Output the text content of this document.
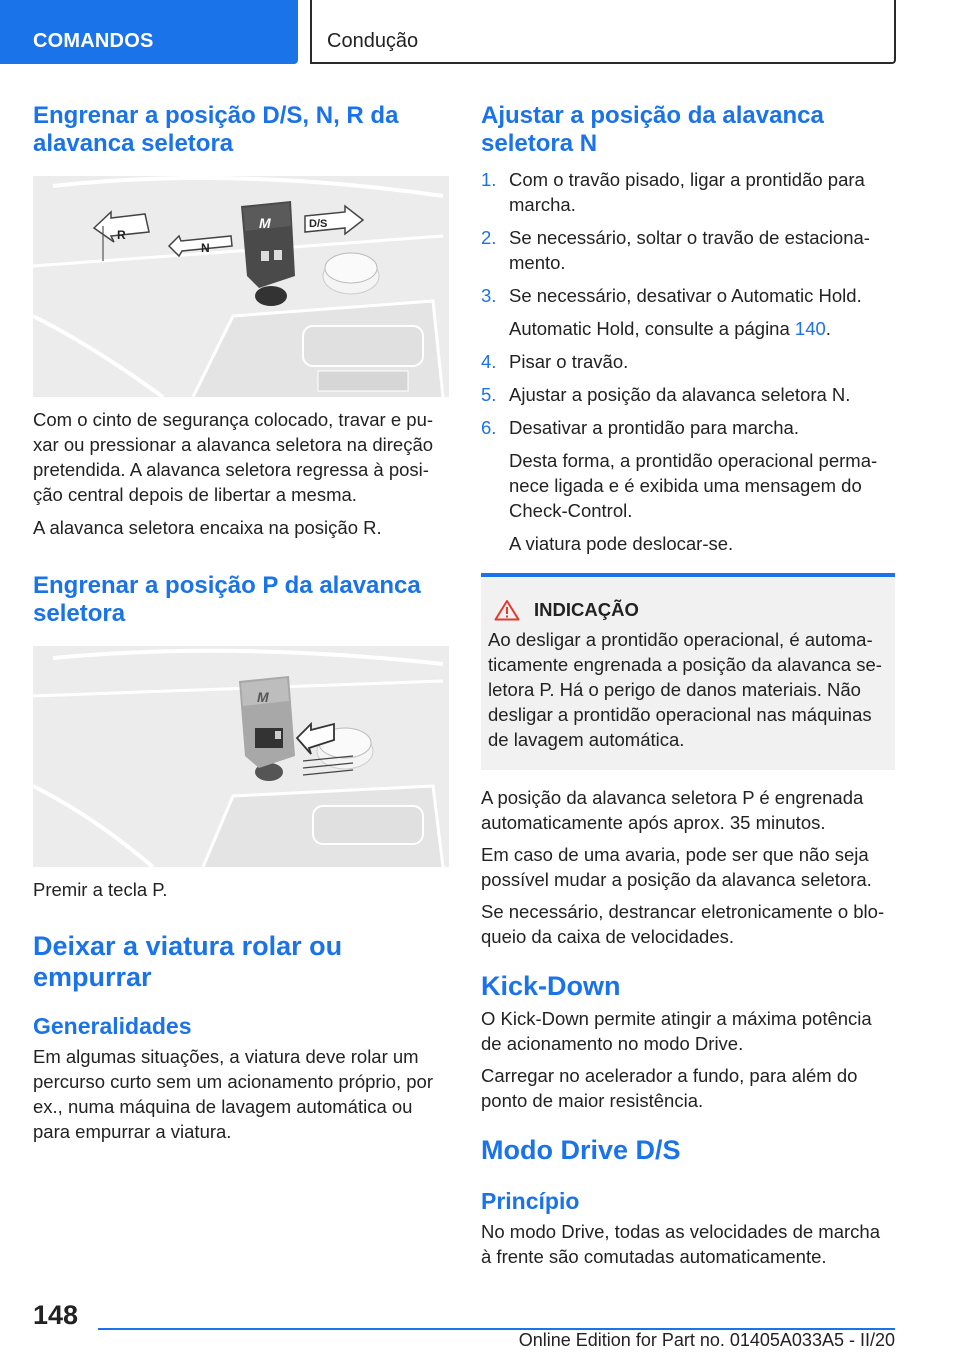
COMANDOS	Condução
Engrenar a posição D/S, N, R da alavanca seletora
M
R
N
D/S

Com o cinto de segurança colocado, travar e puxar ou pressionar a alavanca seletora na direção pretendida. A alavanca seletora regressa à posição central depois de libertar a mesma.

A alavanca seletora encaixa na posição R.

Engrenar a posição P da alavanca seletora
M

Premir a tecla P.

Deixar a viatura rolar ou empurrar
Generalidades

Em algumas situações, a viatura deve rolar um percurso curto sem um acionamento próprio, por ex., numa máquina de lavagem automática ou para empurrar a viatura.

Ajustar a posição da alavanca seletora N
1. Com o travão pisado, ligar a prontidão para marcha.
2. Se necessário, soltar o travão de estacionamento.
3. Se necessário, desativar o Automatic Hold.
Automatic Hold, consulte a página 140.
4. Pisar o travão.
5. Ajustar a posição da alavanca seletora N.
6. Desativar a prontidão para marcha.
Desta forma, a prontidão operacional permanece ligada e é exibida uma mensagem do Check-Control.
A viatura pode deslocar-se.
INDICAÇÃO

Ao desligar a prontidão operacional, é automaticamente engrenada a posição da alavanca seletora P. Há o perigo de danos materiais. Não desligar a prontidão operacional nas máquinas de lavagem automática.

A posição da alavanca seletora P é engrenada automaticamente após aprox. 35 minutos.

Em caso de uma avaria, pode ser que não seja possível mudar a posição da alavanca seletora.

Se necessário, destrancar eletronicamente o bloqueio da caixa de velocidades.

Kick-Down

O Kick-Down permite atingir a máxima potência de acionamento no modo Drive.

Carregar no acelerador a fundo, para além do ponto de maior resistência.

Modo Drive D/S
Princípio

No modo Drive, todas as velocidades de marcha à frente são comutadas automaticamente.

148
Online Edition for Part no. 01405A033A5 - II/20
